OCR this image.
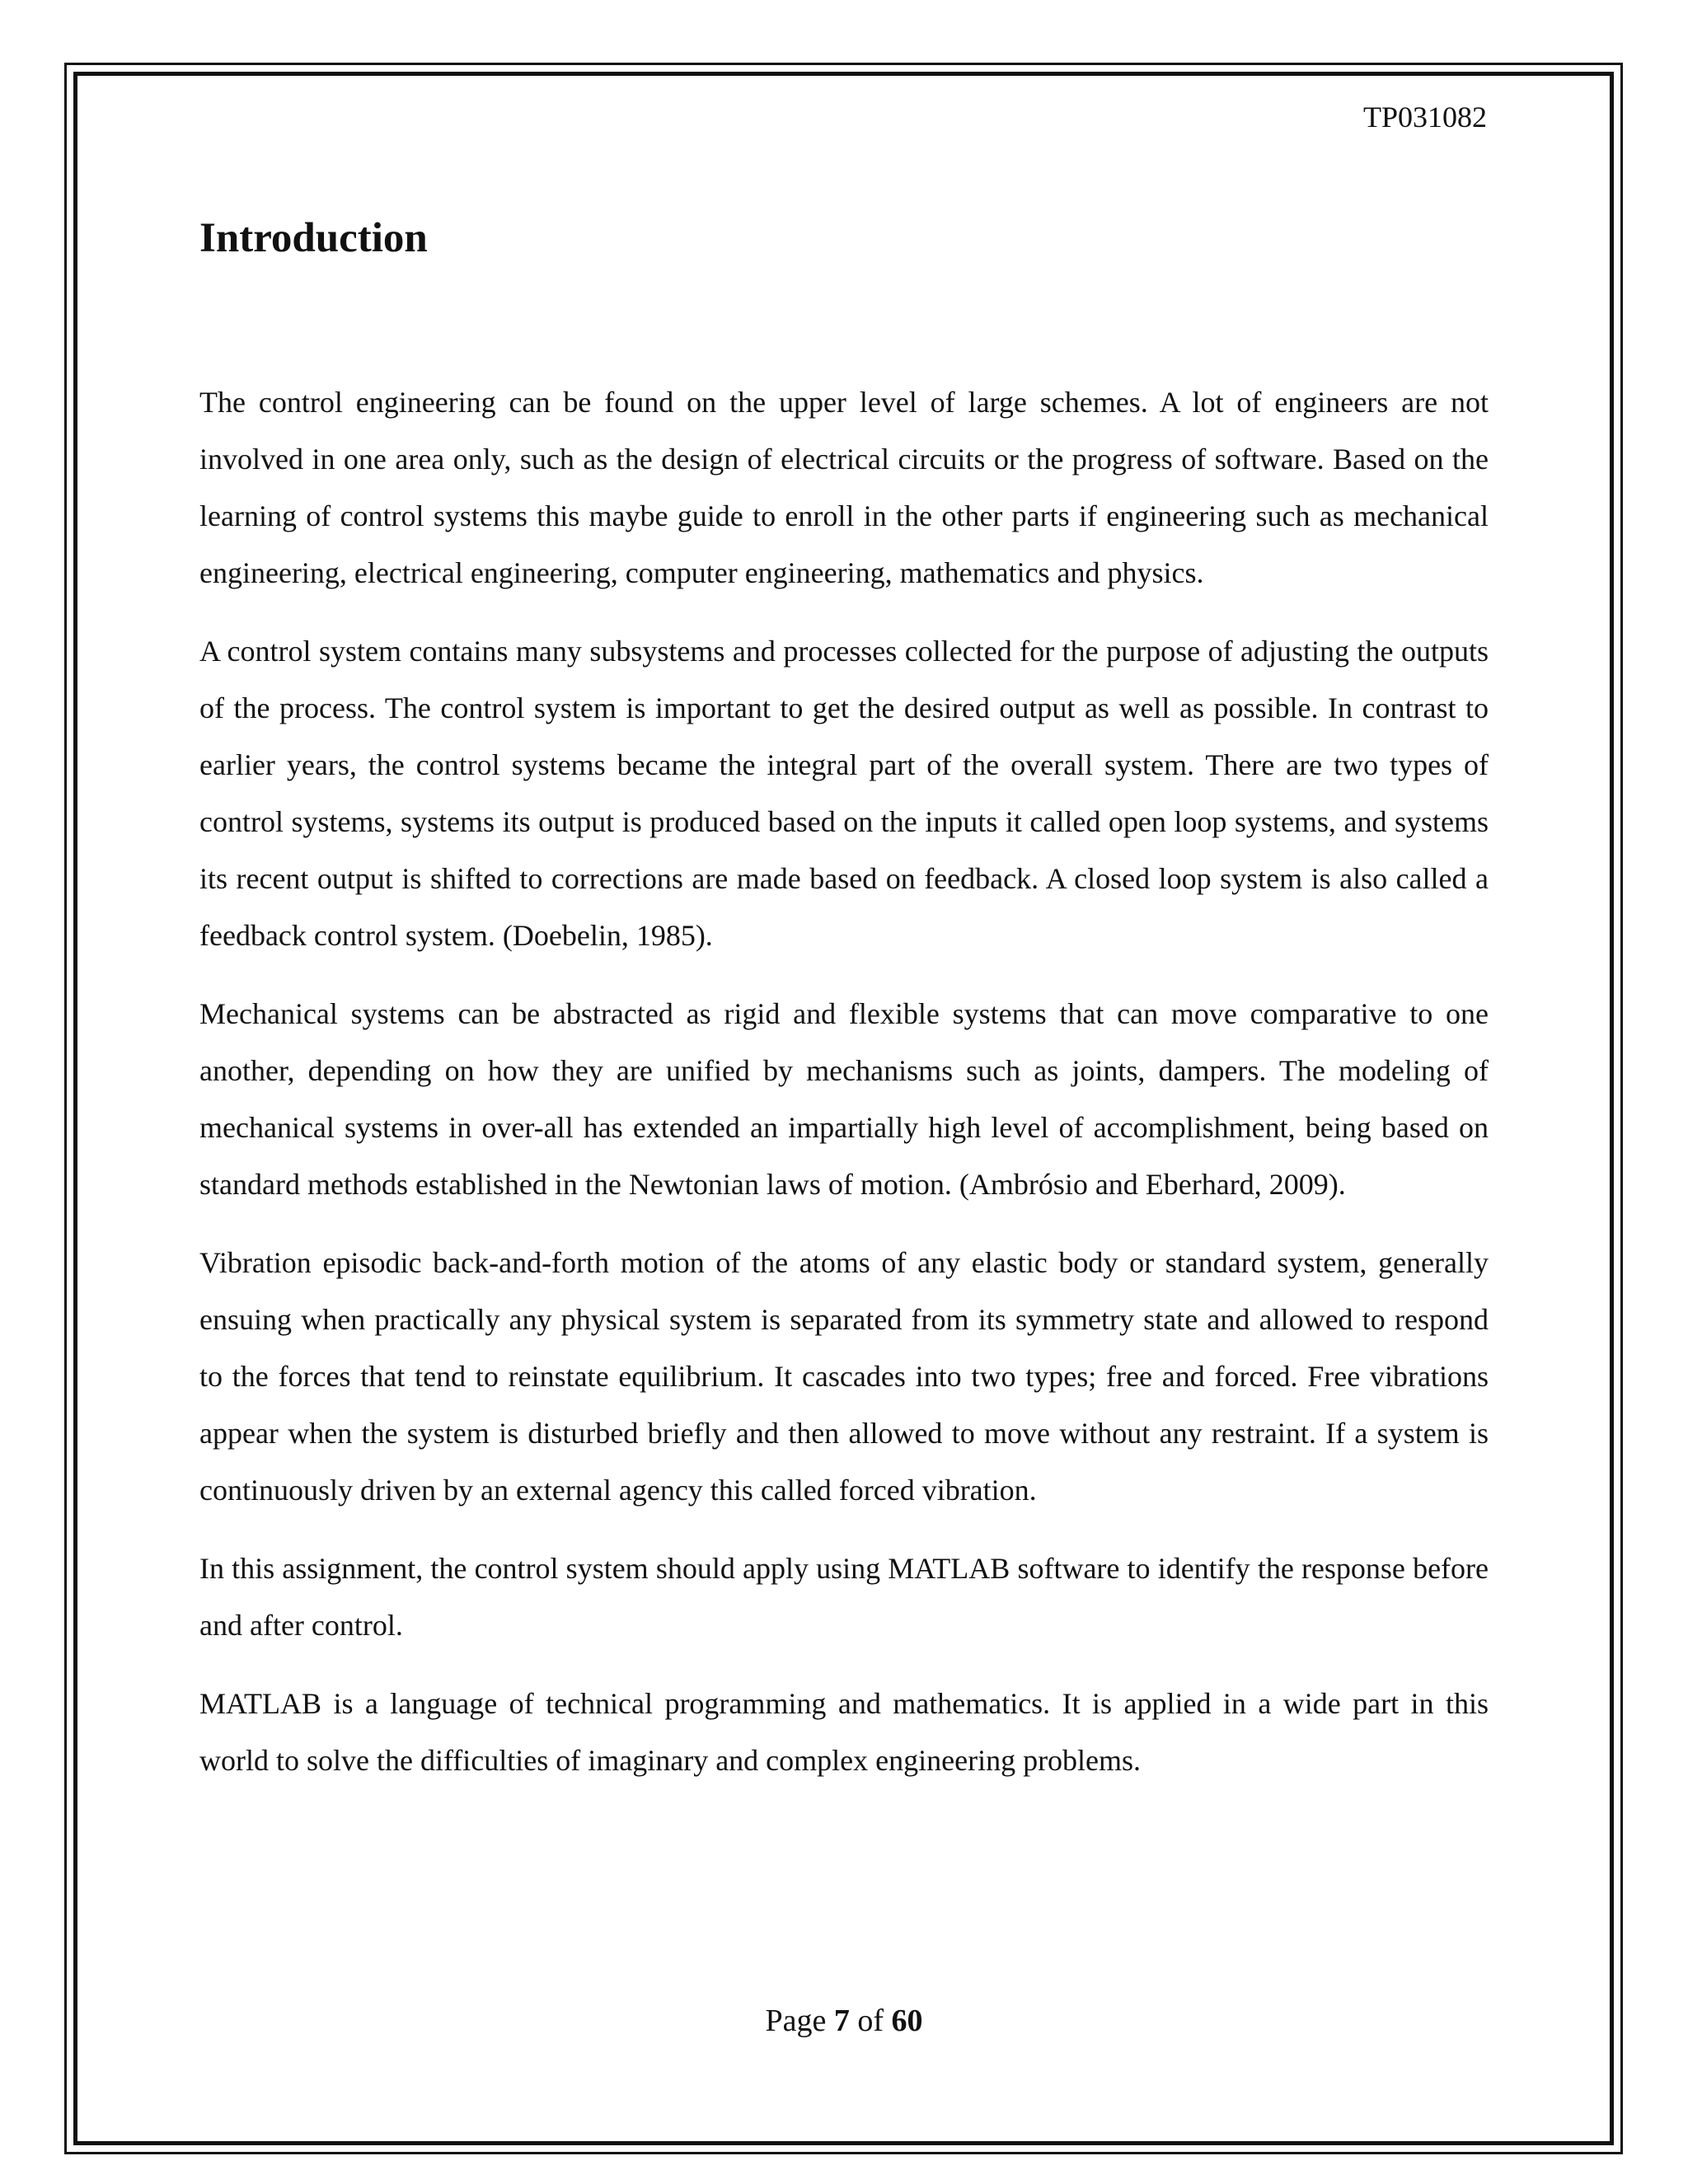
TP031082
Introduction

The control engineering can be found on the upper level of large schemes. A lot of engineers are not involved in one area only, such as the design of electrical circuits or the progress of software. Based on the learning of control systems this maybe guide to enroll in the other parts if engineering such as mechanical engineering, electrical engineering, computer engineering, mathematics and physics.

A control system contains many subsystems and processes collected for the purpose of adjusting the outputs of the process. The control system is important to get the desired output as well as possible. In contrast to earlier years, the control systems became the integral part of the overall system. There are two types of control systems, systems its output is produced based on the inputs it called open loop systems, and systems its recent output is shifted to corrections are made based on feedback. A closed loop system is also called a feedback control system. (Doebelin, 1985).

Mechanical systems can be abstracted as rigid and flexible systems that can move comparative to one another, depending on how they are unified by mechanisms such as joints, dampers. The modeling of mechanical systems in over-all has extended an impartially high level of accomplishment, being based on standard methods established in the Newtonian laws of motion. (Ambrósio and Eberhard, 2009).

Vibration episodic back-and-forth motion of the atoms of any elastic body or standard system, generally ensuing when practically any physical system is separated from its symmetry state and allowed to respond to the forces that tend to reinstate equilibrium. It cascades into two types; free and forced. Free vibrations appear when the system is disturbed briefly and then allowed to move without any restraint. If a system is continuously driven by an external agency this called forced vibration.

In this assignment, the control system should apply using MATLAB software to identify the response before and after control.

MATLAB is a language of technical programming and mathematics. It is applied in a wide part in this world to solve the difficulties of imaginary and complex engineering problems.

Page 7 of 60
